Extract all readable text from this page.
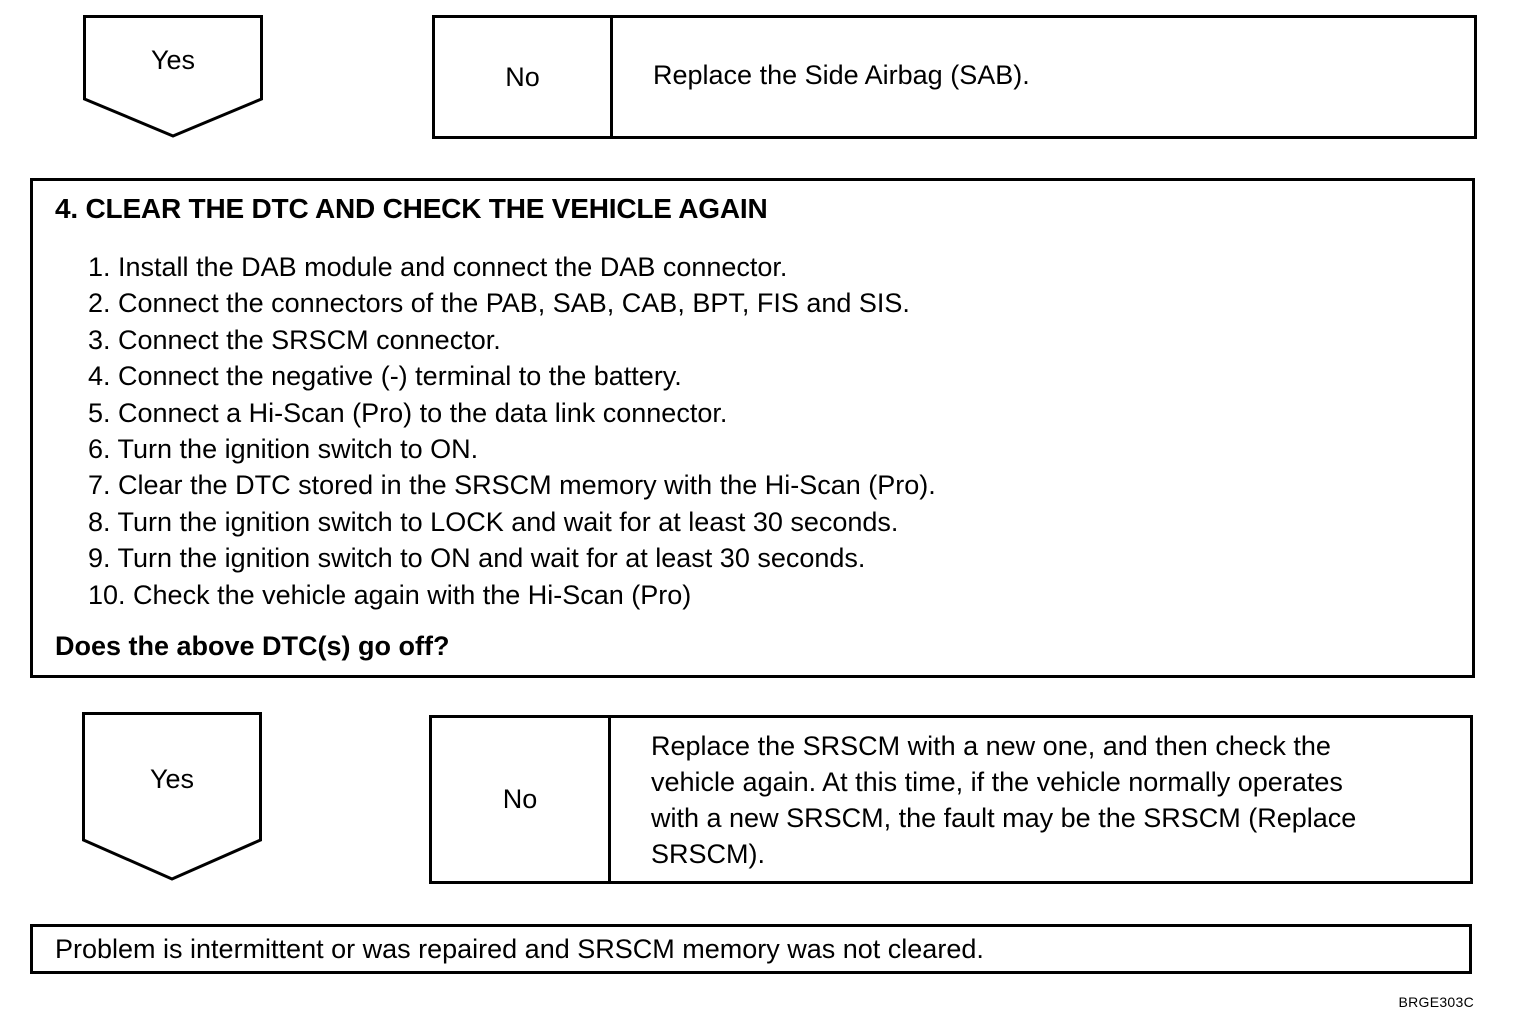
Yes
No	Replace the Side Airbag (SAB).
4. CLEAR THE DTC AND CHECK THE VEHICLE AGAIN
1. Install the DAB module and connect the DAB connector.
2. Connect the connectors of the PAB, SAB, CAB, BPT, FIS and SIS.
3. Connect the SRSCM connector.
4. Connect the negative (-) terminal to the battery.
5. Connect a Hi-Scan (Pro) to the data link connector.
6. Turn the ignition switch to ON.
7. Clear the DTC stored in the SRSCM memory with the Hi-Scan (Pro).
8. Turn the ignition switch to LOCK and wait for at least 30 seconds.
9. Turn the ignition switch to ON and wait for at least 30 seconds.
10. Check the vehicle again with the Hi-Scan (Pro)
Does the above DTC(s) go off?
Yes
No
Replace the SRSCM with a new one, and then check the
vehicle again. At this time, if the vehicle normally operates
with a new SRSCM, the fault may be the SRSCM (Replace
SRSCM).
Problem is intermittent or was repaired and SRSCM memory was not cleared.
BRGE303C
